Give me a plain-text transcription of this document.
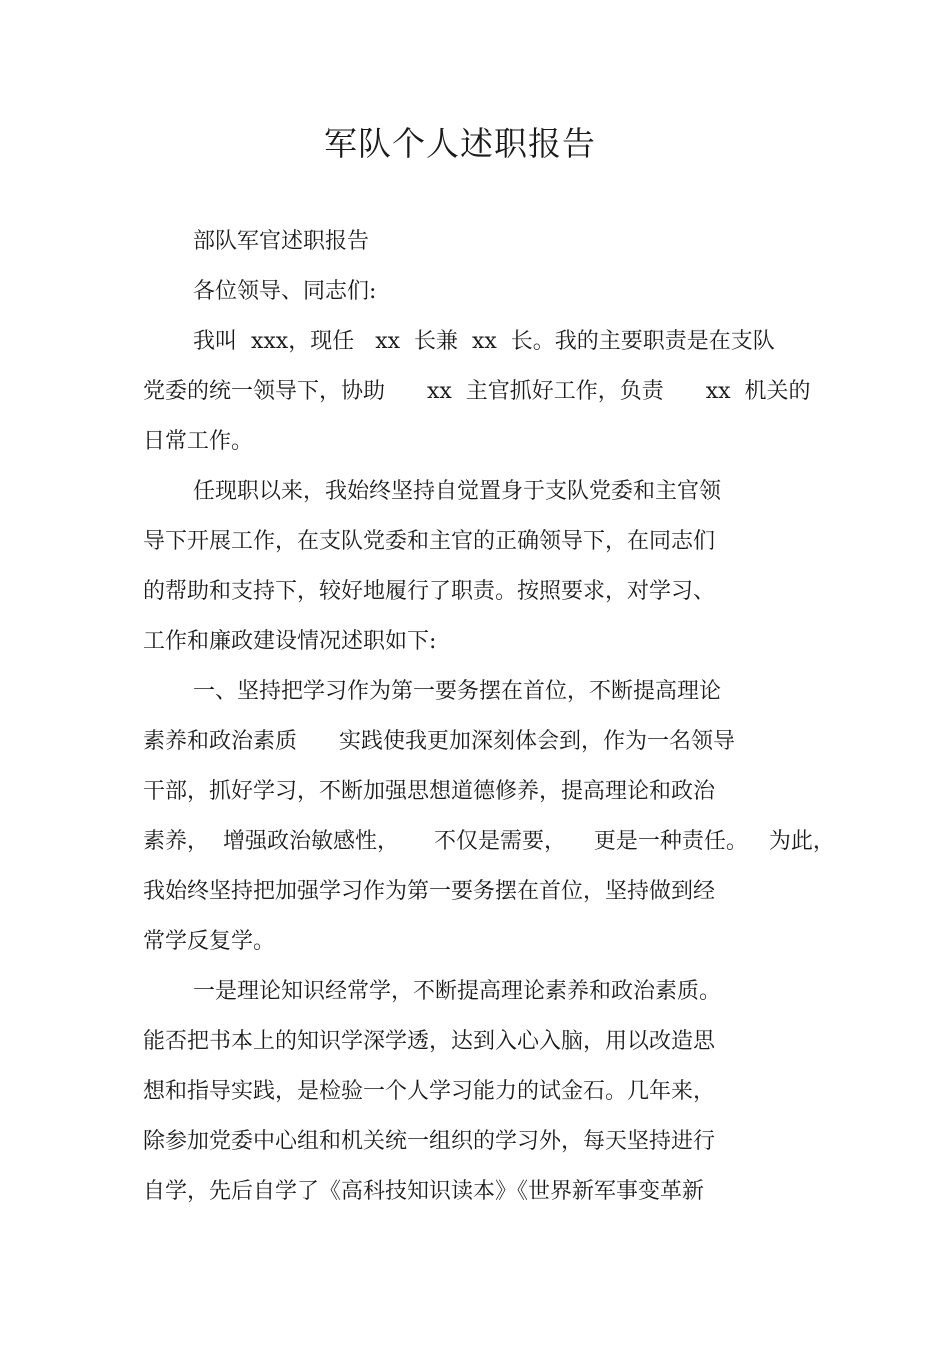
军队个人述职报告
部队军官述职报告
各位领导、同志们:
我叫  xxx，现任   xx  长兼  xx  长。我的主要职责是在支队
党委的统一领导下，协助      xx  主官抓好工作，负责      xx  机关的
日常工作。
任现职以来，我始终坚持自觉置身于支队党委和主官领
导下开展工作，在支队党委和主官的正确领导下，在同志们
的帮助和支持下，较好地履行了职责。按照要求，对学习、
工作和廉政建设情况述职如下:
一、坚持把学习作为第一要务摆在首位，不断提高理论
素养和政治素质      实践使我更加深刻体会到，作为一名领导
干部，抓好学习，不断加强思想道德修养，提高理论和政治
素养，  增强政治敏感性，     不仅是需要，    更是一种责任。   为此，
我始终坚持把加强学习作为第一要务摆在首位，坚持做到经
常学反复学。
一是理论知识经常学，不断提高理论素养和政治素质。
能否把书本上的知识学深学透，达到入心入脑，用以改造思
想和指导实践，是检验一个人学习能力的试金石。几年来，
除参加党委中心组和机关统一组织的学习外，每天坚持进行
自学，先后自学了《高科技知识读本》《世界新军事变革新
